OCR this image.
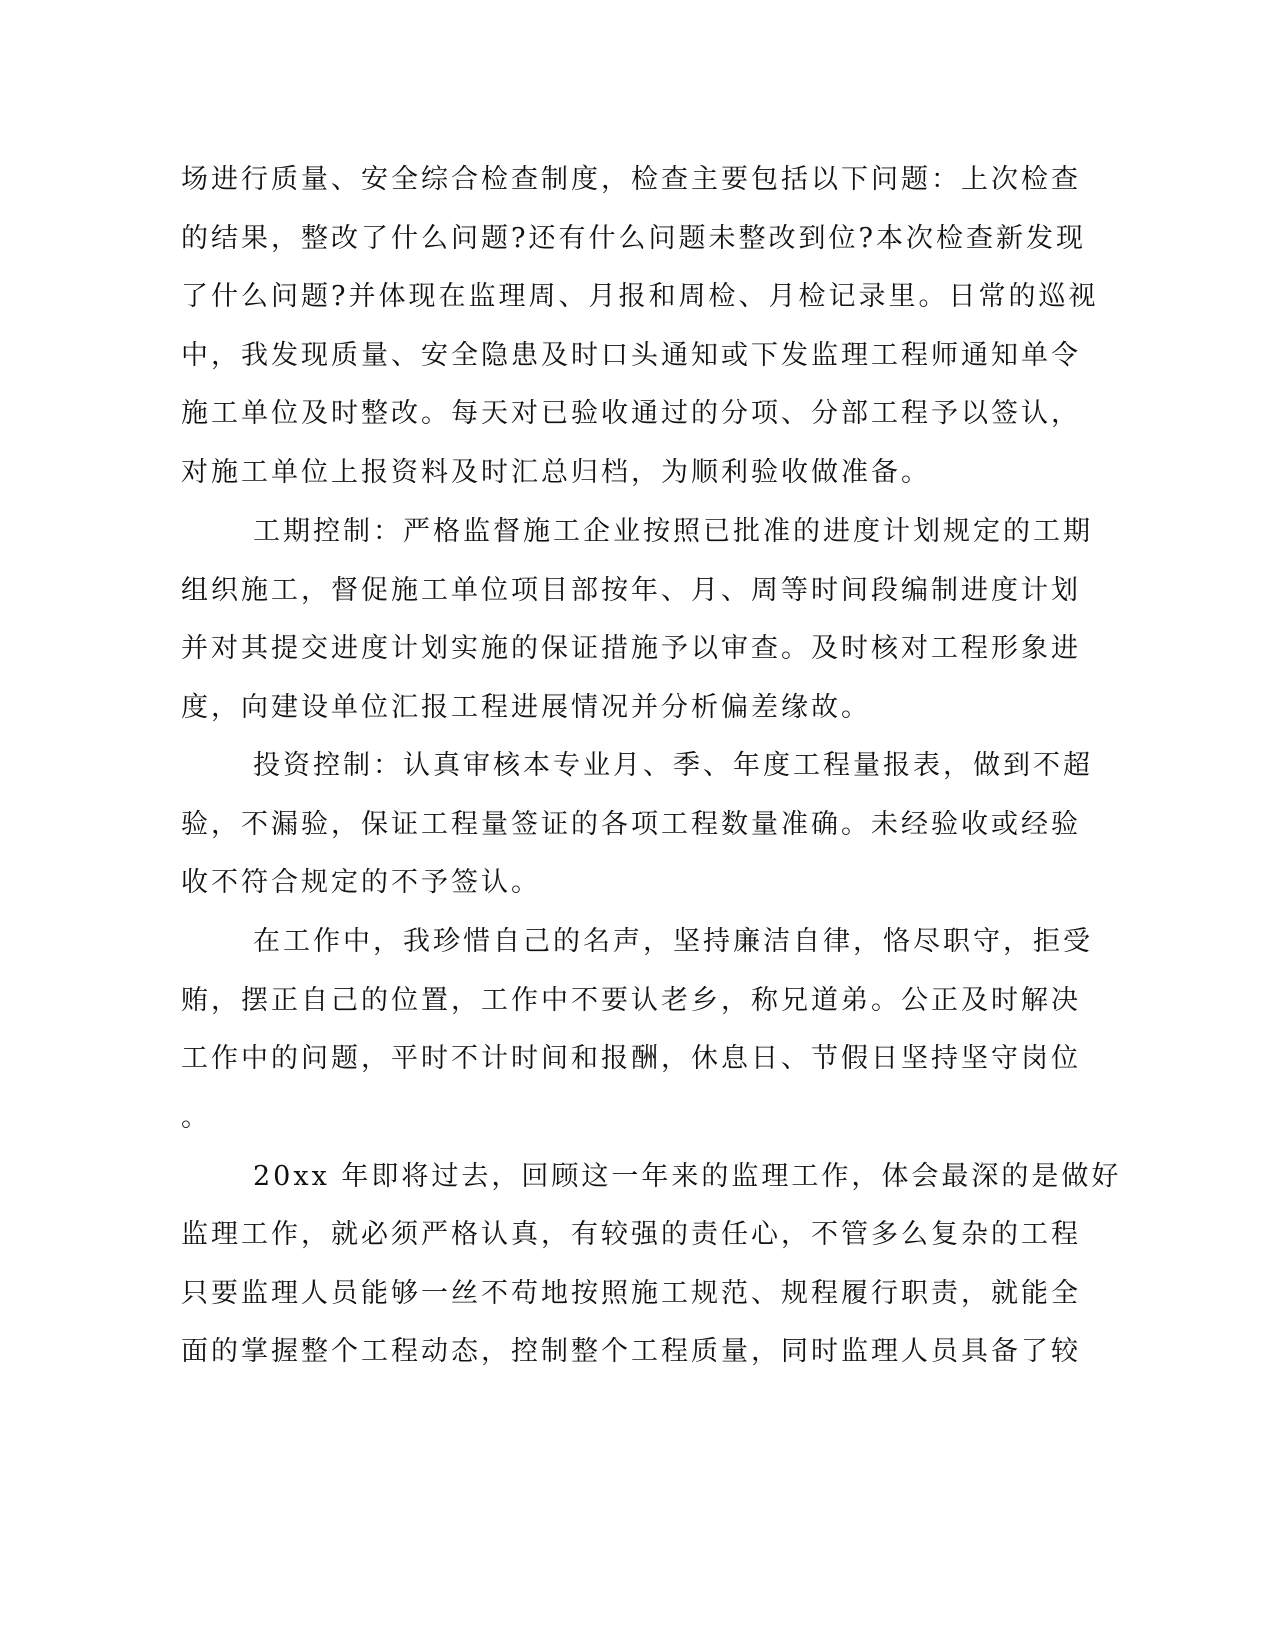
场进行质量、安全综合检查制度，检查主要包括以下问题：上次检查
的结果，整改了什么问题?还有什么问题未整改到位?本次检查新发现
了什么问题?并体现在监理周、月报和周检、月检记录里。日常的巡视
中，我发现质量、安全隐患及时口头通知或下发监理工程师通知单令
施工单位及时整改。每天对已验收通过的分项、分部工程予以签认，
对施工单位上报资料及时汇总归档，为顺利验收做准备。
工期控制：严格监督施工企业按照已批准的进度计划规定的工期
组织施工，督促施工单位项目部按年、月、周等时间段编制进度计划
并对其提交进度计划实施的保证措施予以审查。及时核对工程形象进
度，向建设单位汇报工程进展情况并分析偏差缘故。
投资控制：认真审核本专业月、季、年度工程量报表，做到不超
验，不漏验，保证工程量签证的各项工程数量准确。未经验收或经验
收不符合规定的不予签认。
在工作中，我珍惜自己的名声，坚持廉洁自律，恪尽职守，拒受
贿，摆正自己的位置，工作中不要认老乡，称兄道弟。公正及时解决
工作中的问题，平时不计时间和报酬，休息日、节假日坚持坚守岗位
。
20xx 年即将过去，回顾这一年来的监理工作，体会最深的是做好
监理工作，就必须严格认真，有较强的责任心，不管多么复杂的工程
只要监理人员能够一丝不苟地按照施工规范、规程履行职责，就能全
面的掌握整个工程动态，控制整个工程质量，同时监理人员具备了较
